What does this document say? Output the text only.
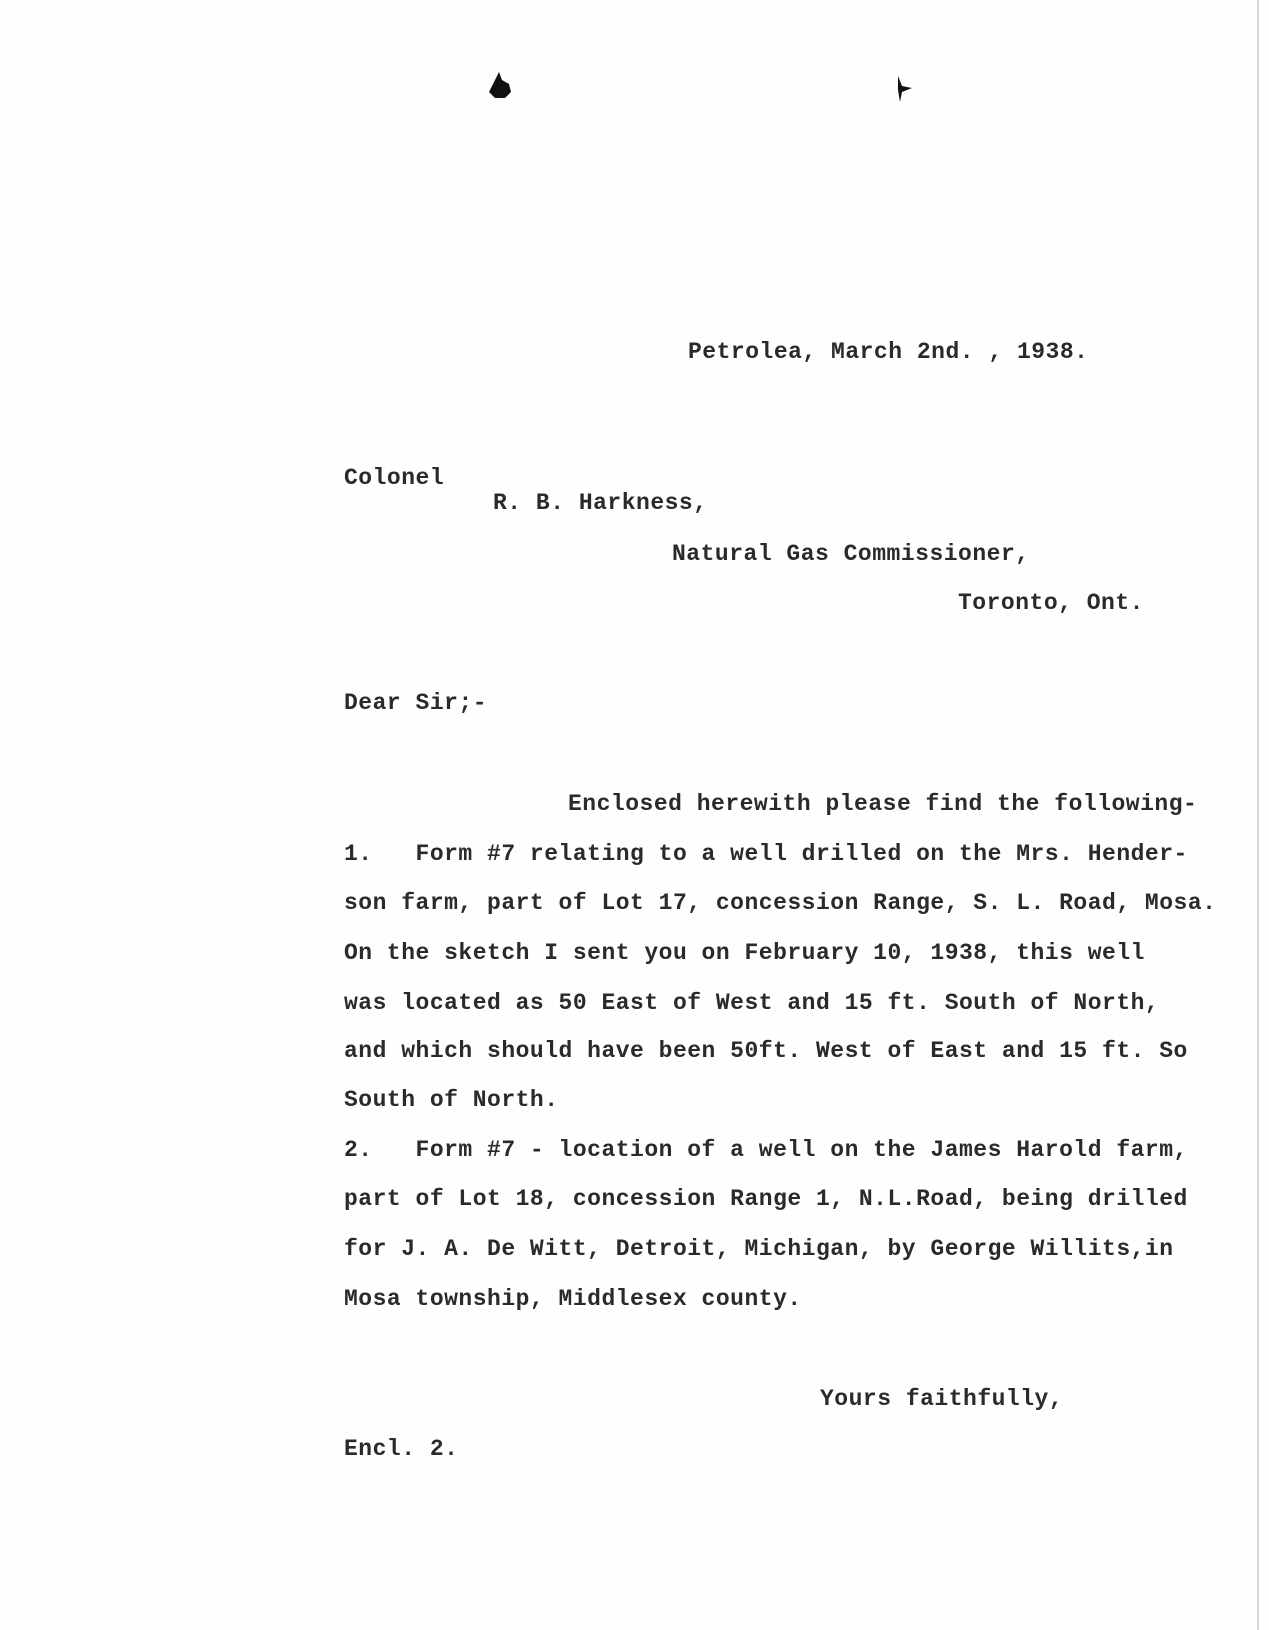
Petrolea, March 2nd. , 1938.
Colonel
R. B. Harkness,
Natural Gas Commissioner,
Toronto, Ont.
Dear Sir;-
Enclosed herewith please find the following-
1.   Form #7 relating to a well drilled on the Mrs. Hender-
son farm, part of Lot 17, concession Range, S. L. Road, Mosa.
On the sketch I sent you on February 10, 1938, this well
was located as 50 East of West and 15 ft. South of North,
and which should have been 50ft. West of East and 15 ft. So
South of North.
2.   Form #7 - location of a well on the James Harold farm,
part of Lot 18, concession Range 1, N.L.Road, being drilled
for J. A. De Witt, Detroit, Michigan, by George Willits,in
Mosa township, Middlesex county.
Yours faithfully,
Encl. 2.
